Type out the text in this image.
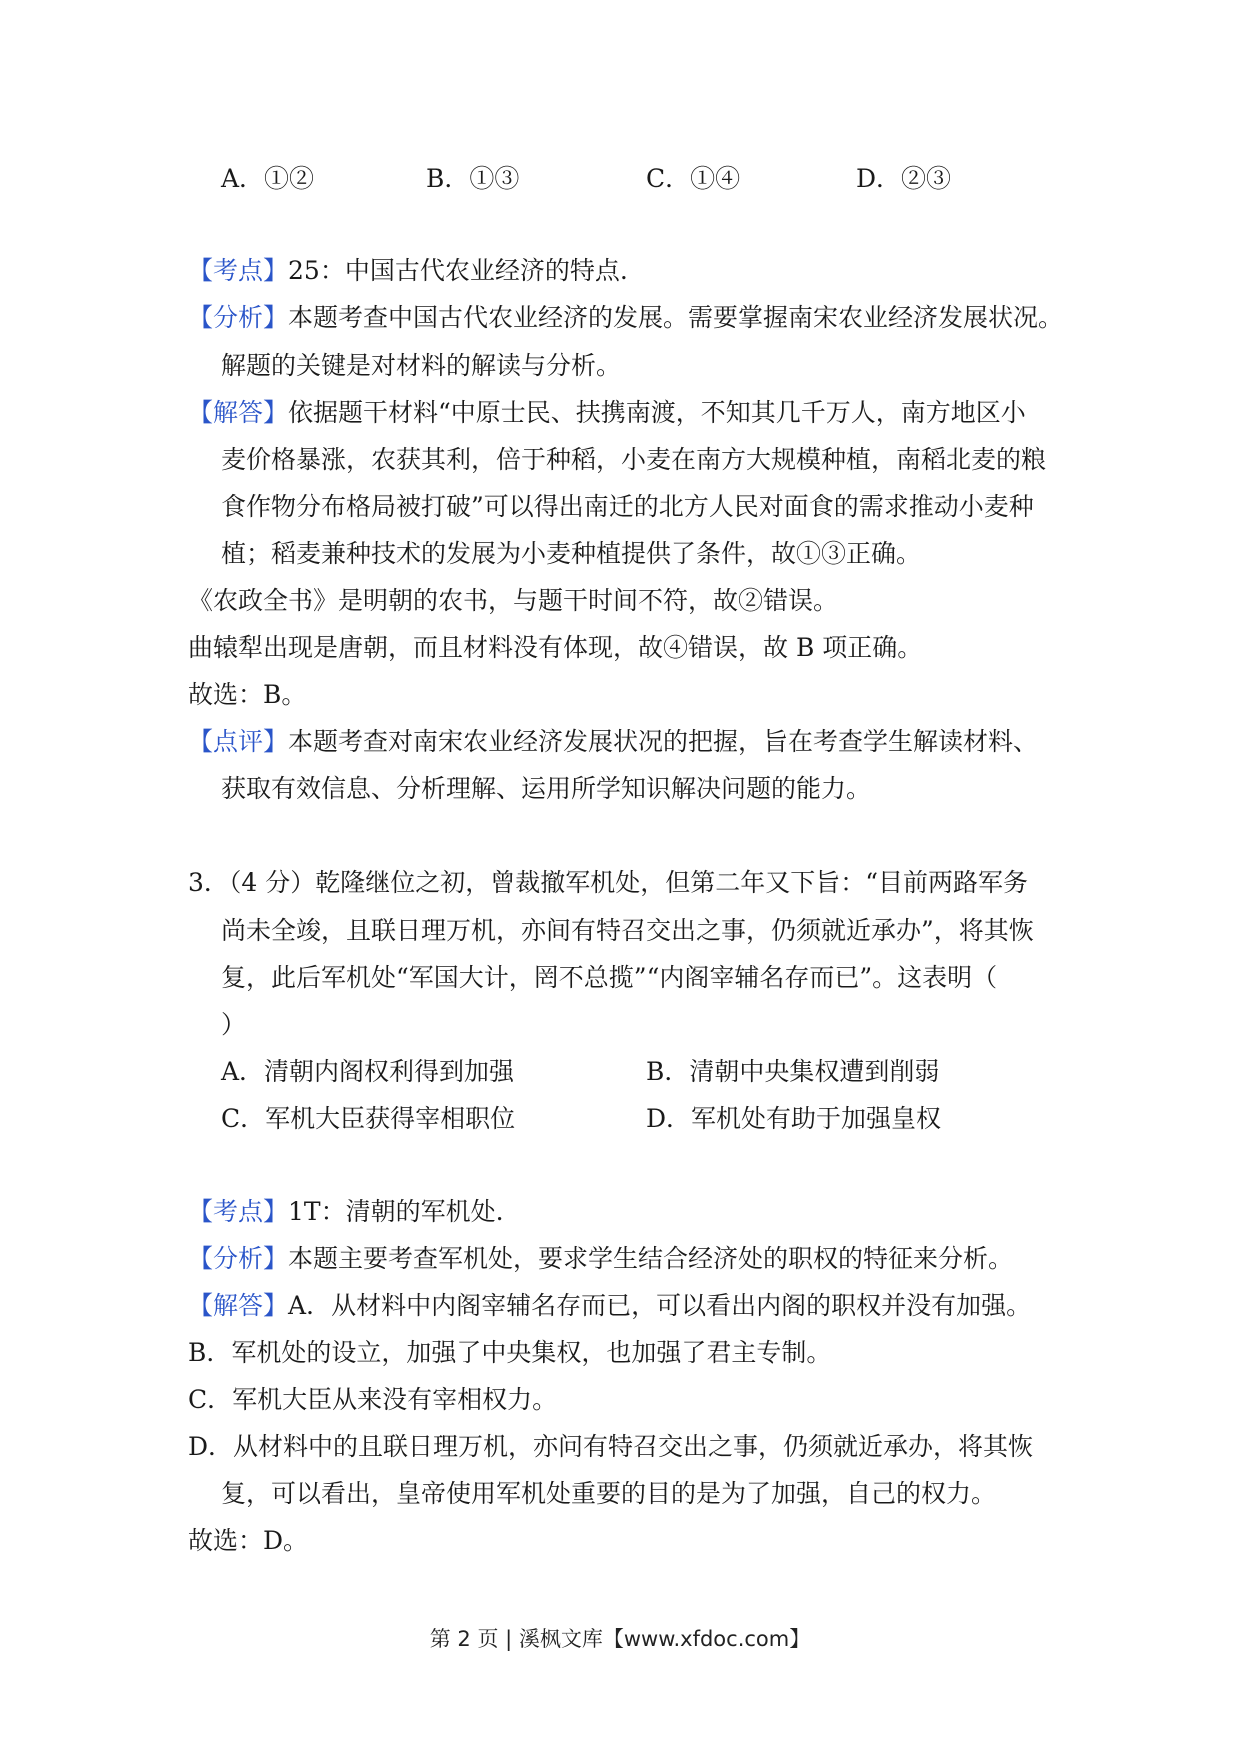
A．①②	B．①③	C．①④	D．②③
【考点】25：中国古代农业经济的特点.
【分析】本题考查中国古代农业经济的发展。需要掌握南宋农业经济发展状况。
解题的关键是对材料的解读与分析。
【解答】依据题干材料“中原士民、扶携南渡，不知其几千万人，南方地区小
麦价格暴涨，农获其利，倍于种稻，小麦在南方大规模种植，南稻北麦的粮
食作物分布格局被打破”可以得出南迁的北方人民对面食的需求推动小麦种
植；稻麦兼种技术的发展为小麦种植提供了条件，故①③正确。
《农政全书》是明朝的农书，与题干时间不符，故②错误。
曲辕犁出现是唐朝，而且材料没有体现，故④错误，故 B 项正确。
故选：B。
【点评】本题考查对南宋农业经济发展状况的把握，旨在考查学生解读材料、
获取有效信息、分析理解、运用所学知识解决问题的能力。
3．（4 分）乾隆继位之初，曾裁撤军机处，但第二年又下旨：“目前两路军务
尚未全竣，且联日理万机，亦间有特召交出之事，仍须就近承办”，将其恢
复，此后军机处“军国大计，罔不总揽”“内阁宰辅名存而已”。这表明（
）
A．清朝内阁权利得到加强	B．清朝中央集权遭到削弱
C．军机大臣获得宰相职位	D．军机处有助于加强皇权
【考点】1T：清朝的军机处.
【分析】本题主要考查军机处，要求学生结合经济处的职权的特征来分析。
【解答】A．从材料中内阁宰辅名存而已，可以看出内阁的职权并没有加强。
B．军机处的设立，加强了中央集权，也加强了君主专制。
C．军机大臣从来没有宰相权力。
D．从材料中的且联日理万机，亦问有特召交出之事，仍须就近承办，将其恢
复，可以看出，皇帝使用军机处重要的目的是为了加强，自己的权力。
故选：D。
第 2 页 | 溪枫文库【www.xfdoc.com】
